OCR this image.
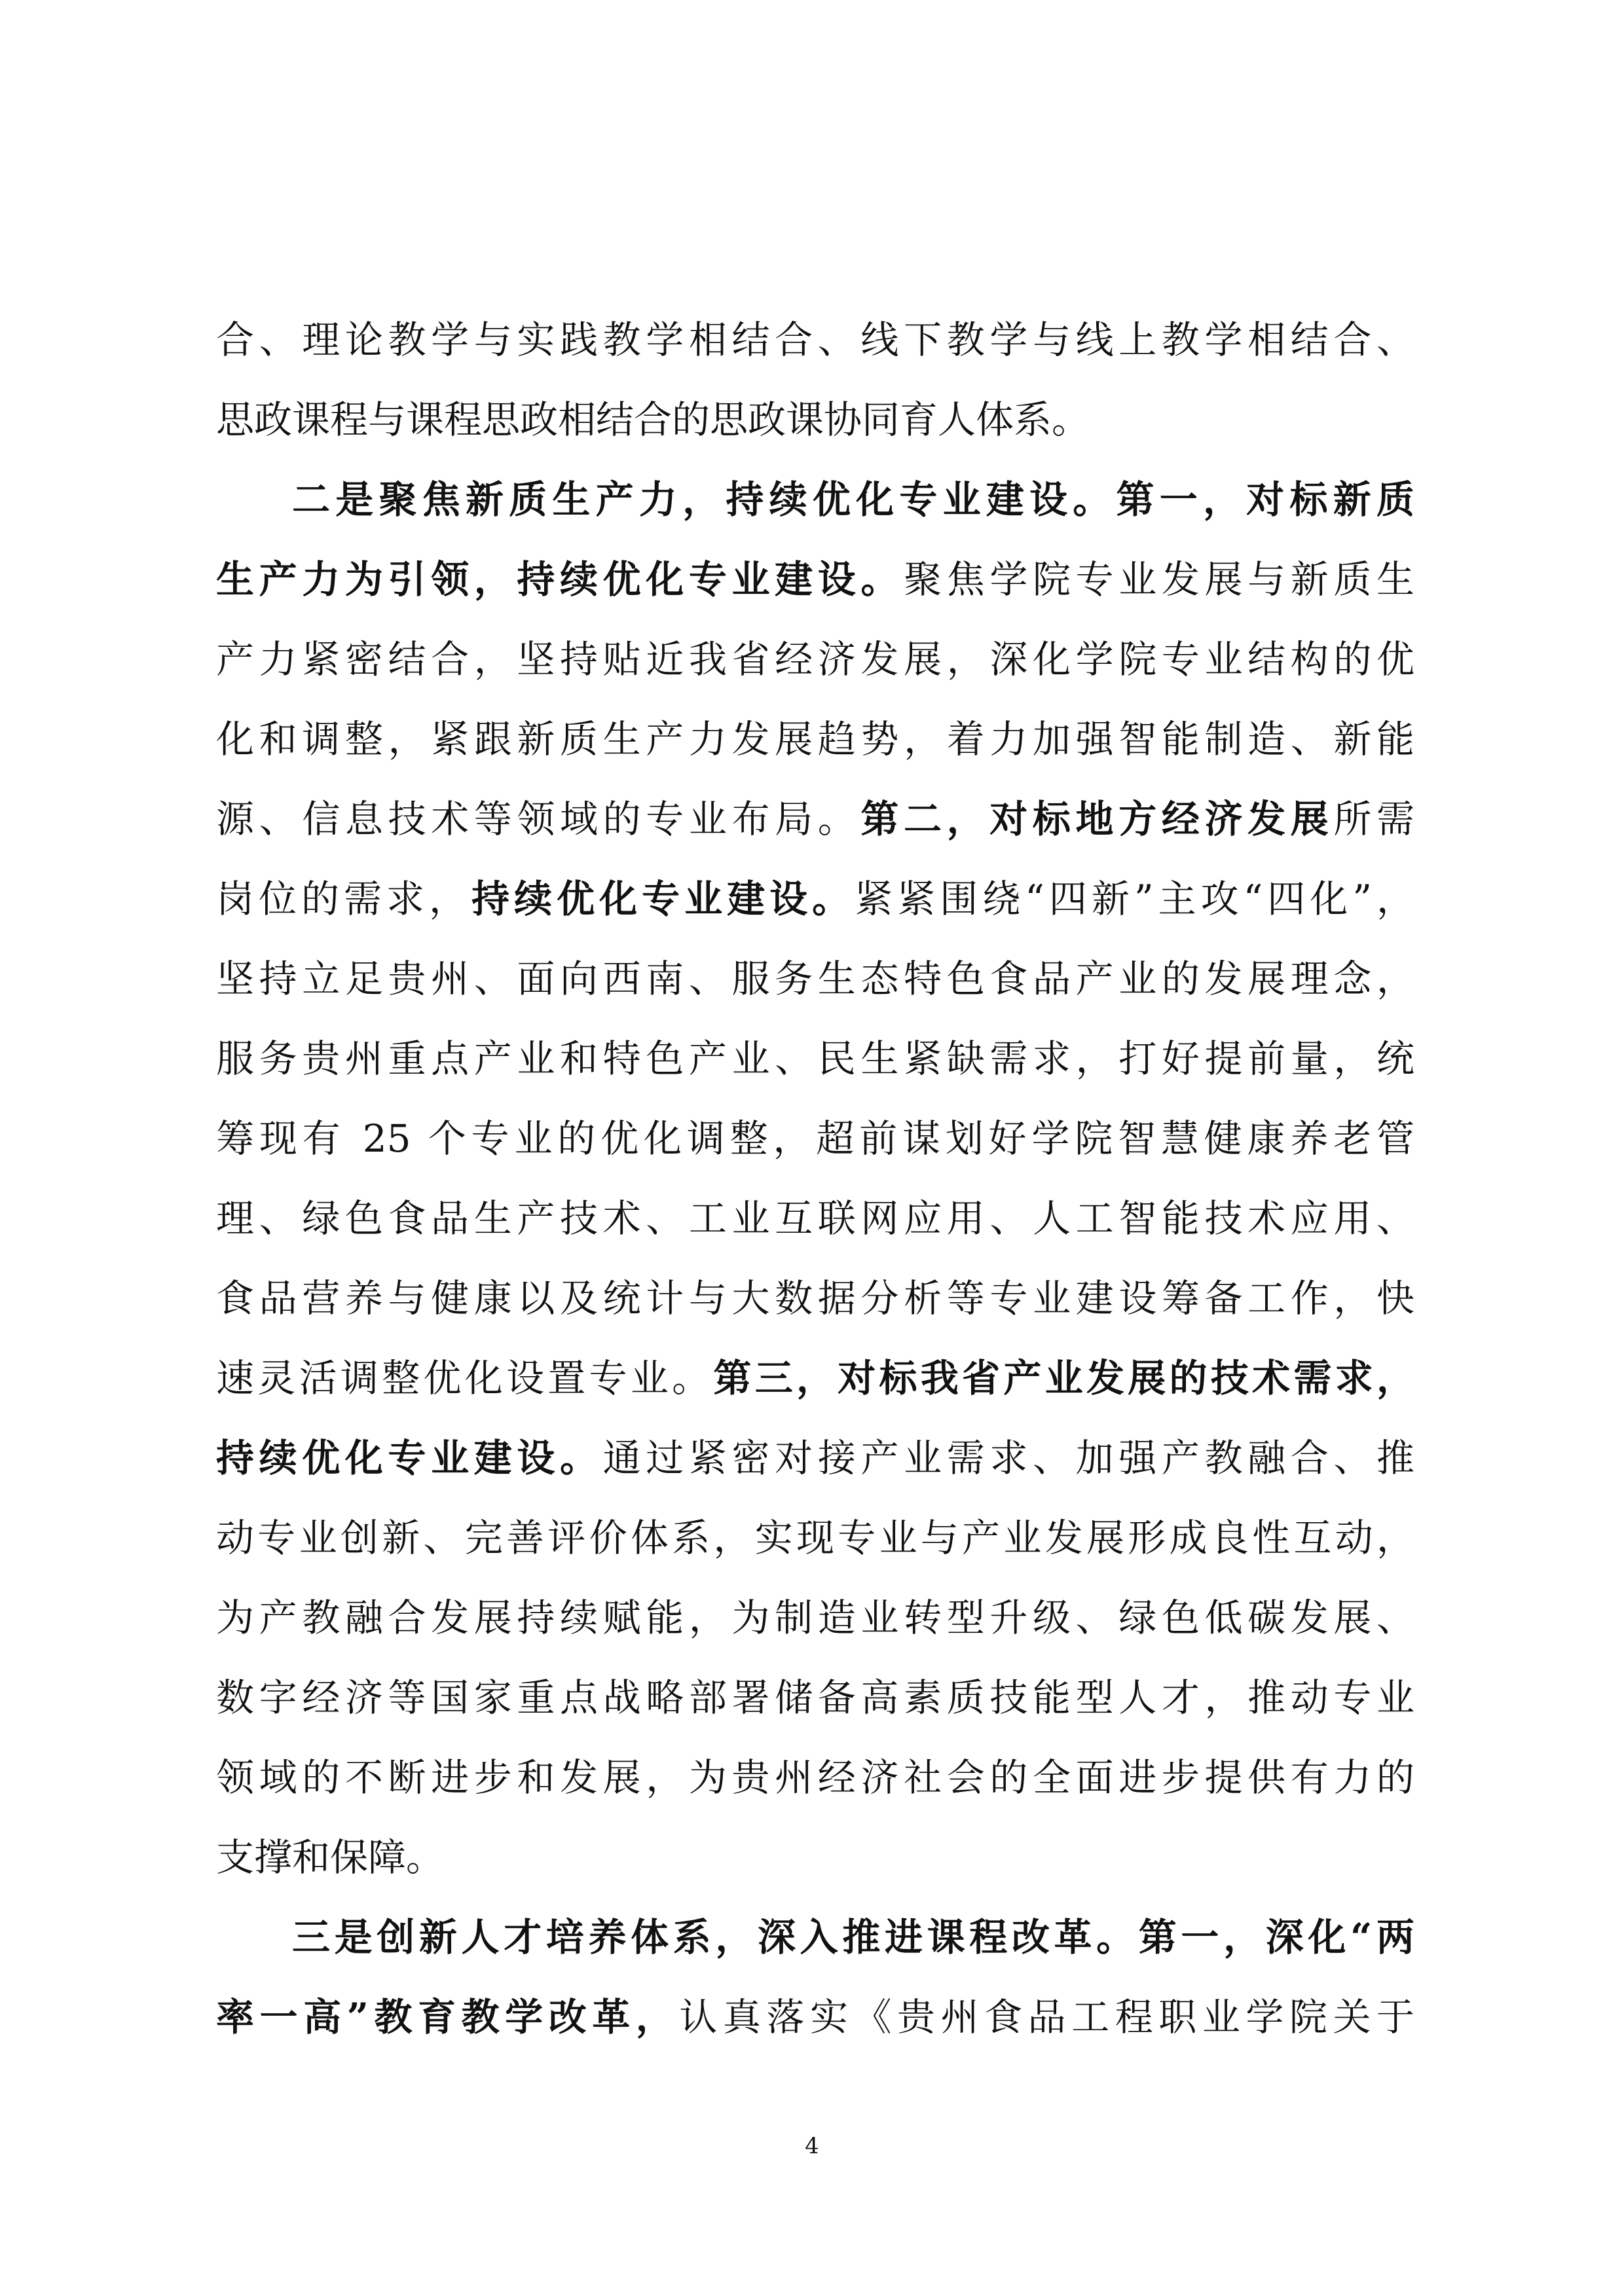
合、理论教学与实践教学相结合、线下教学与线上教学相结合、
思政课程与课程思政相结合的思政课协同育人体系。
二是聚焦新质生产力，持续优化专业建设。第一，对标新质
生产力为引领，持续优化专业建设。聚焦学院专业发展与新质生
产力紧密结合，坚持贴近我省经济发展，深化学院专业结构的优
化和调整，紧跟新质生产力发展趋势，着力加强智能制造、新能
源、信息技术等领域的专业布局。第二，对标地方经济发展所需
岗位的需求，持续优化专业建设。紧紧围绕“四新”主攻“四化”，
坚持立足贵州、面向西南、服务生态特色食品产业的发展理念，
服务贵州重点产业和特色产业、民生紧缺需求，打好提前量，统
筹现有 25 个专业的优化调整，超前谋划好学院智慧健康养老管
理、绿色食品生产技术、工业互联网应用、人工智能技术应用、
食品营养与健康以及统计与大数据分析等专业建设筹备工作，快
速灵活调整优化设置专业。第三，对标我省产业发展的技术需求，
持续优化专业建设。通过紧密对接产业需求、加强产教融合、推
动专业创新、完善评价体系，实现专业与产业发展形成良性互动，
为产教融合发展持续赋能，为制造业转型升级、绿色低碳发展、
数字经济等国家重点战略部署储备高素质技能型人才，推动专业
领域的不断进步和发展，为贵州经济社会的全面进步提供有力的
支撑和保障。
三是创新人才培养体系，深入推进课程改革。第一，深化“两
率一高”教育教学改革，认真落实《贵州食品工程职业学院关于
4
